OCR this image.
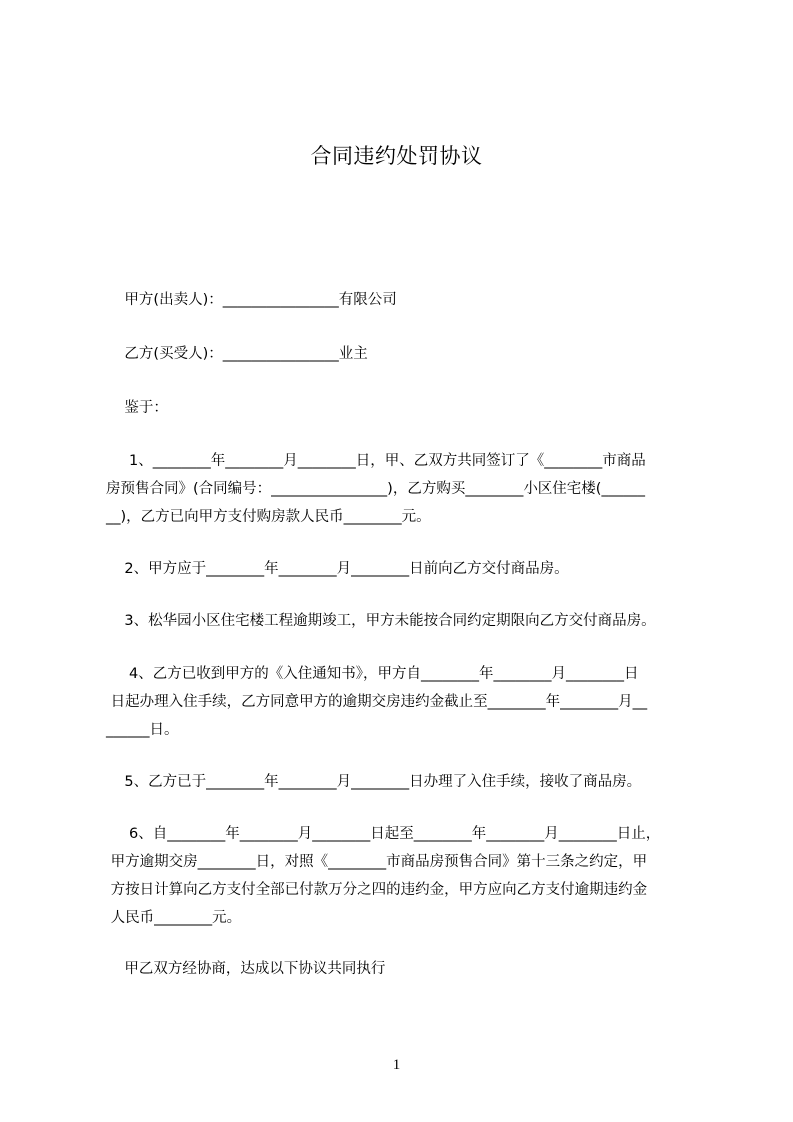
合同违约处罚协议
甲方(出卖人)：________________有限公司
乙方(买受人)：________________业主
鉴于：
1、________年________月________日，甲、乙双方共同签订了《________市商品
房预售合同》(合同编号：________________)，乙方购买________小区住宅楼(______
__)，乙方已向甲方支付购房款人民币________元。
2、甲方应于________年________月________日前向乙方交付商品房。
3、松华园小区住宅楼工程逾期竣工，甲方未能按合同约定期限向乙方交付商品房。
4、乙方已收到甲方的《入住通知书》，甲方自________年________月________日
日起办理入住手续，乙方同意甲方的逾期交房违约金截止至________年________月__
______日。
5、乙方已于________年________月________日办理了入住手续，接收了商品房。
6、自________年________月________日起至________年________月________日止，
甲方逾期交房________日，对照《________市商品房预售合同》第十三条之约定，甲
方按日计算向乙方支付全部已付款万分之四的违约金，甲方应向乙方支付逾期违约金
人民币________元。
甲乙双方经协商，达成以下协议共同执行
1
